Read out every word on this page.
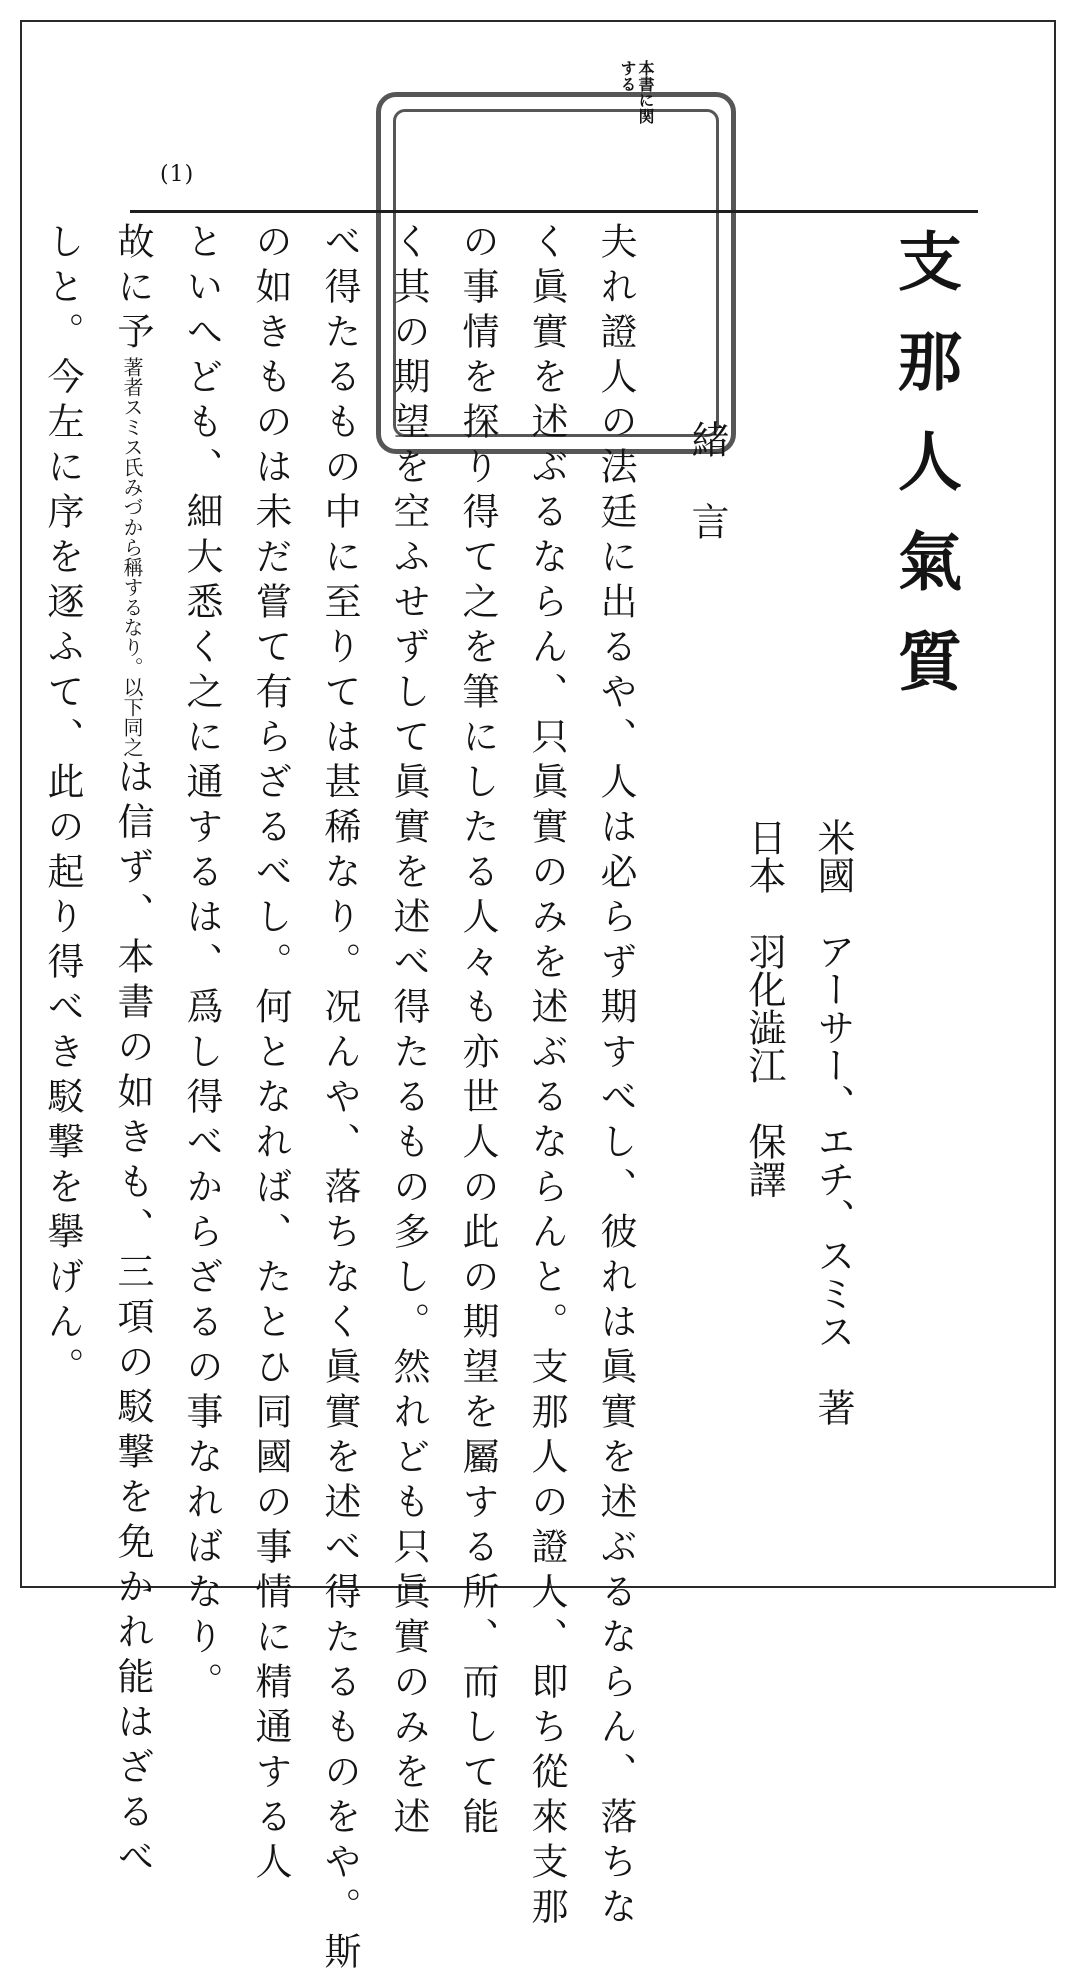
本書に関する
(1)
支那人氣質
緒言
米國　アーサー、エチ、スミス　著
日本　羽化澁江　保譯
夫れ證人の法廷に出るや、人は必らず期すべし、彼れは眞實を述ぶるならん、落ちな
く眞實を述ぶるならん、只眞實のみを述ぶるならんと。支那人の證人、即ち從來支那
の事情を探り得て之を筆にしたる人々も亦世人の此の期望を屬する所、而して能
く其の期望を空ふせずして眞實を述べ得たるもの多し。然れども只眞實のみを述
べ得たるもの中に至りては甚稀なり。况んや、落ちなく眞實を述べ得たるものをや。斯
の如きものは未だ嘗て有らざるべし。何となれば、たとひ同國の事情に精通する人
といへども、細大悉く之に通するは、爲し得べからざるの事なればなり。
故に予著者スミス氏みづから稱するなり。以下同之は信ず、本書の如きも、三項の駁撃を免かれ能はざるべ
しと。今左に序を逐ふて、此の起り得べき駁撃を擧げん。
